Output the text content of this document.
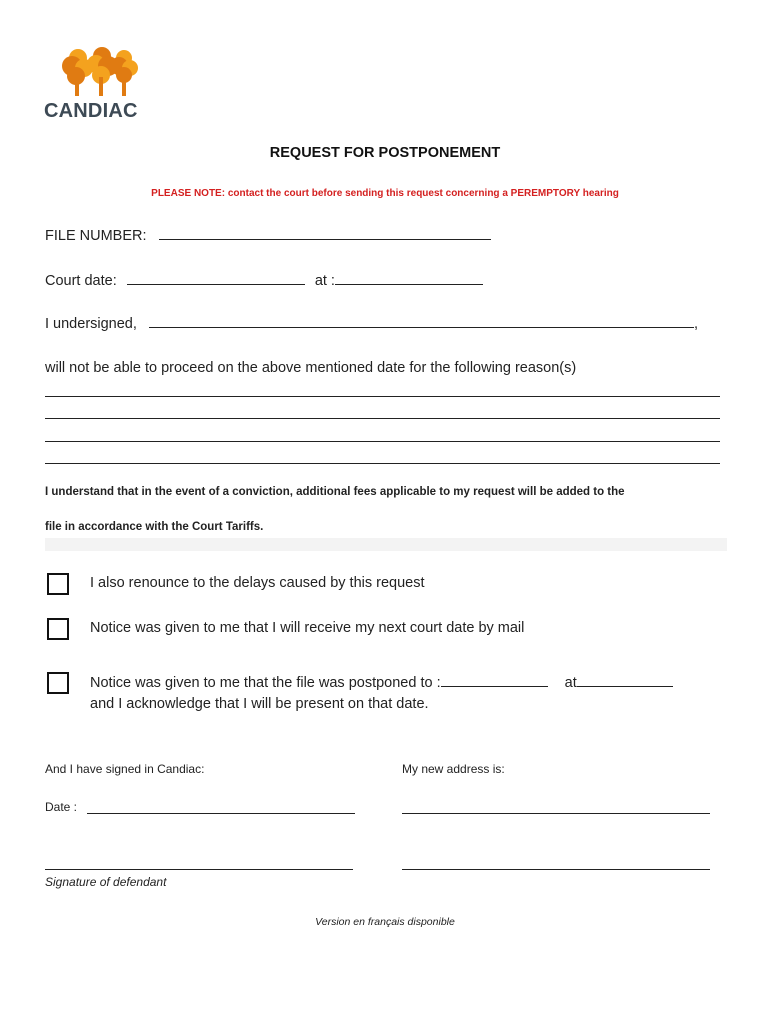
CANDIAC
REQUEST FOR POSTPONEMENT
PLEASE NOTE: contact the court before sending this request concerning a PEREMPTORY hearing
FILE NUMBER:
Court date:	at :
I undersigned,	,
will not be able to proceed on the above mentioned date for the following reason(s)
I understand that in the event of a conviction, additional fees applicable to my request will be added to the
file in accordance with the Court Tariffs.
I also renounce to the delays caused by this request
Notice was given to me that I will receive my next court date by mail
Notice was given to me that the file was postponed to :	at
and I acknowledge that I will be present on that date.
And I have signed in Candiac:	My new address is:
Date :
Signature of defendant
Version en français disponible
